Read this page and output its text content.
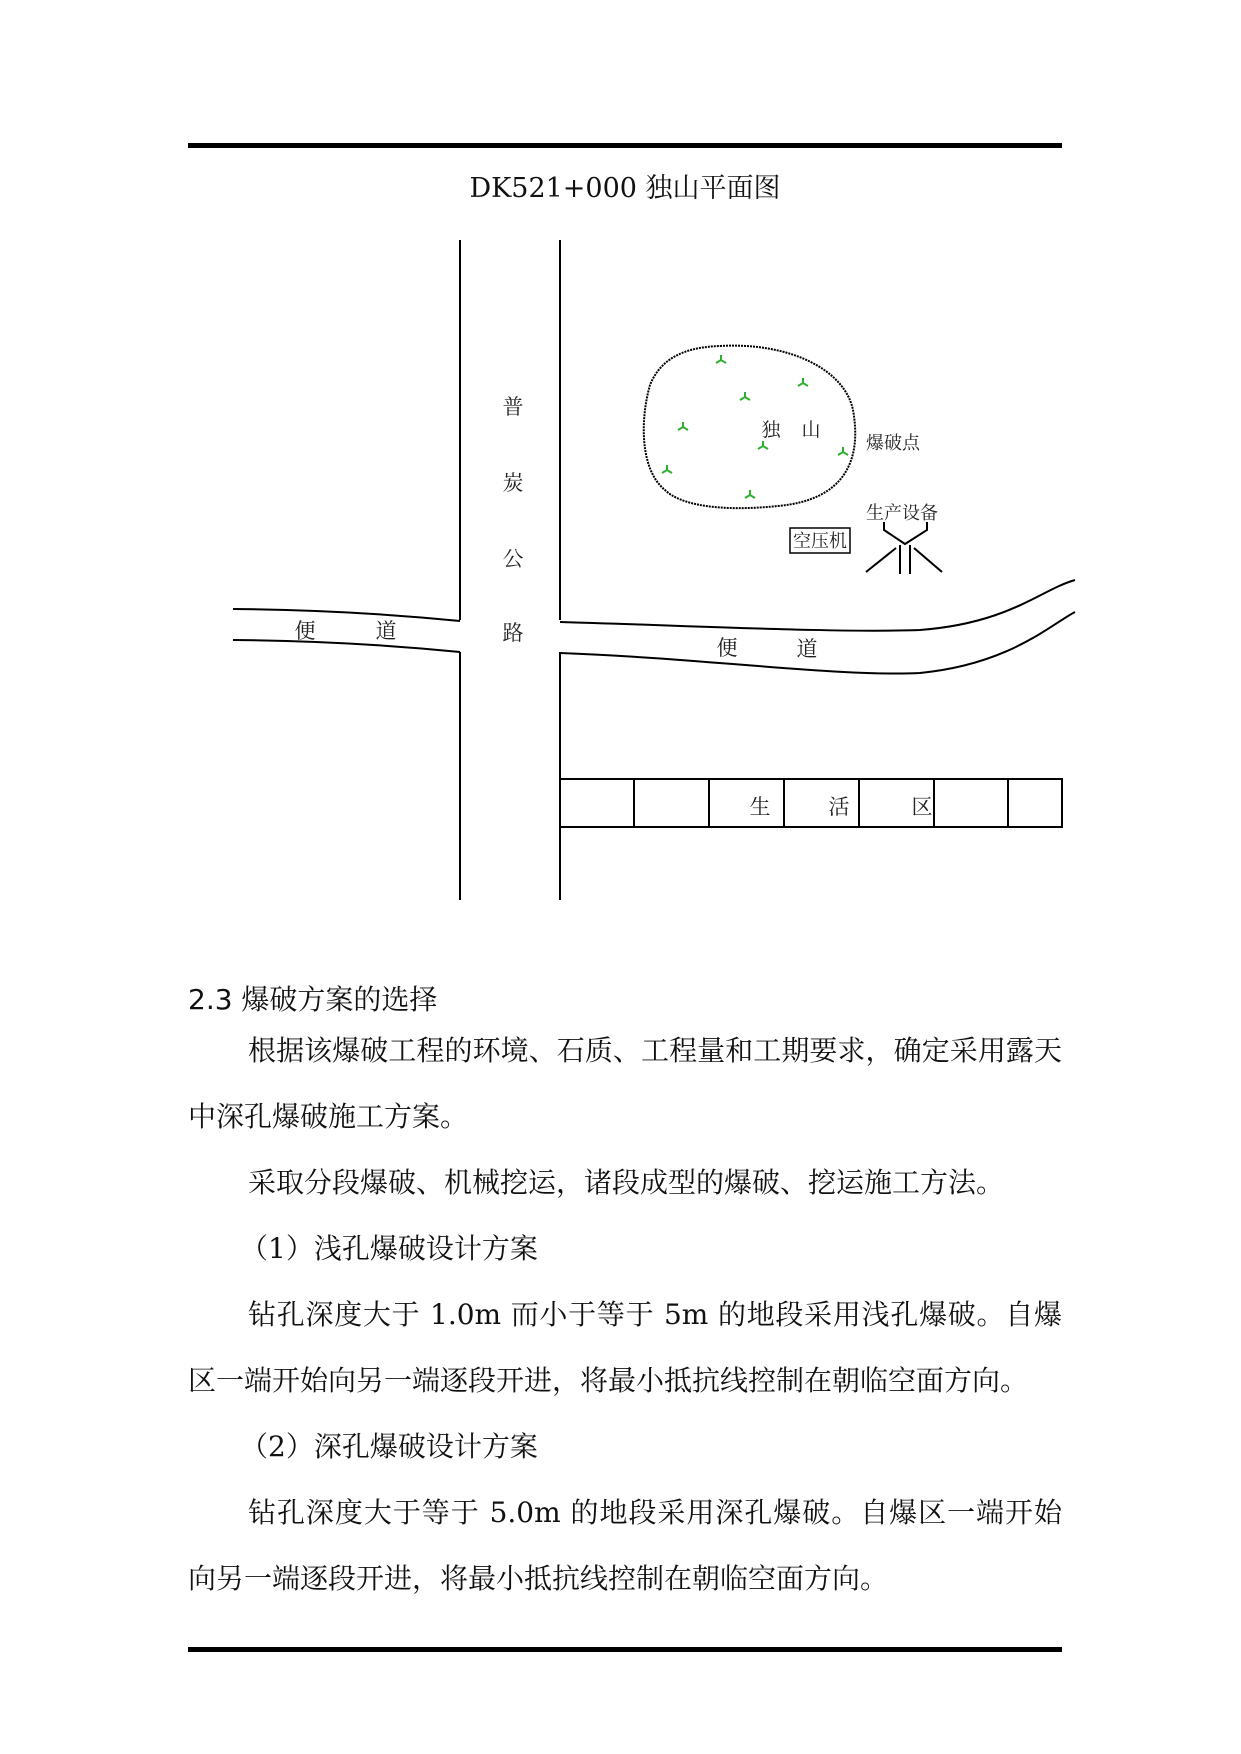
DK521+000 独山平面图
普
炭
公
路
便	道
便	道
独 山
爆破点
生产设备
空压机
生	活	区
2.3 爆破方案的选择
根据该爆破工程的环境、石质、工程量和工期要求，确定采用露天中深孔爆破施工方案。
采取分段爆破、机械挖运，诸段成型的爆破、挖运施工方法。
（1）浅孔爆破设计方案
钻孔深度大于 1.0m 而小于等于 5m 的地段采用浅孔爆破。自爆区一端开始向另一端逐段开进，将最小抵抗线控制在朝临空面方向。
（2）深孔爆破设计方案
钻孔深度大于等于 5.0m 的地段采用深孔爆破。自爆区一端开始向另一端逐段开进，将最小抵抗线控制在朝临空面方向。
